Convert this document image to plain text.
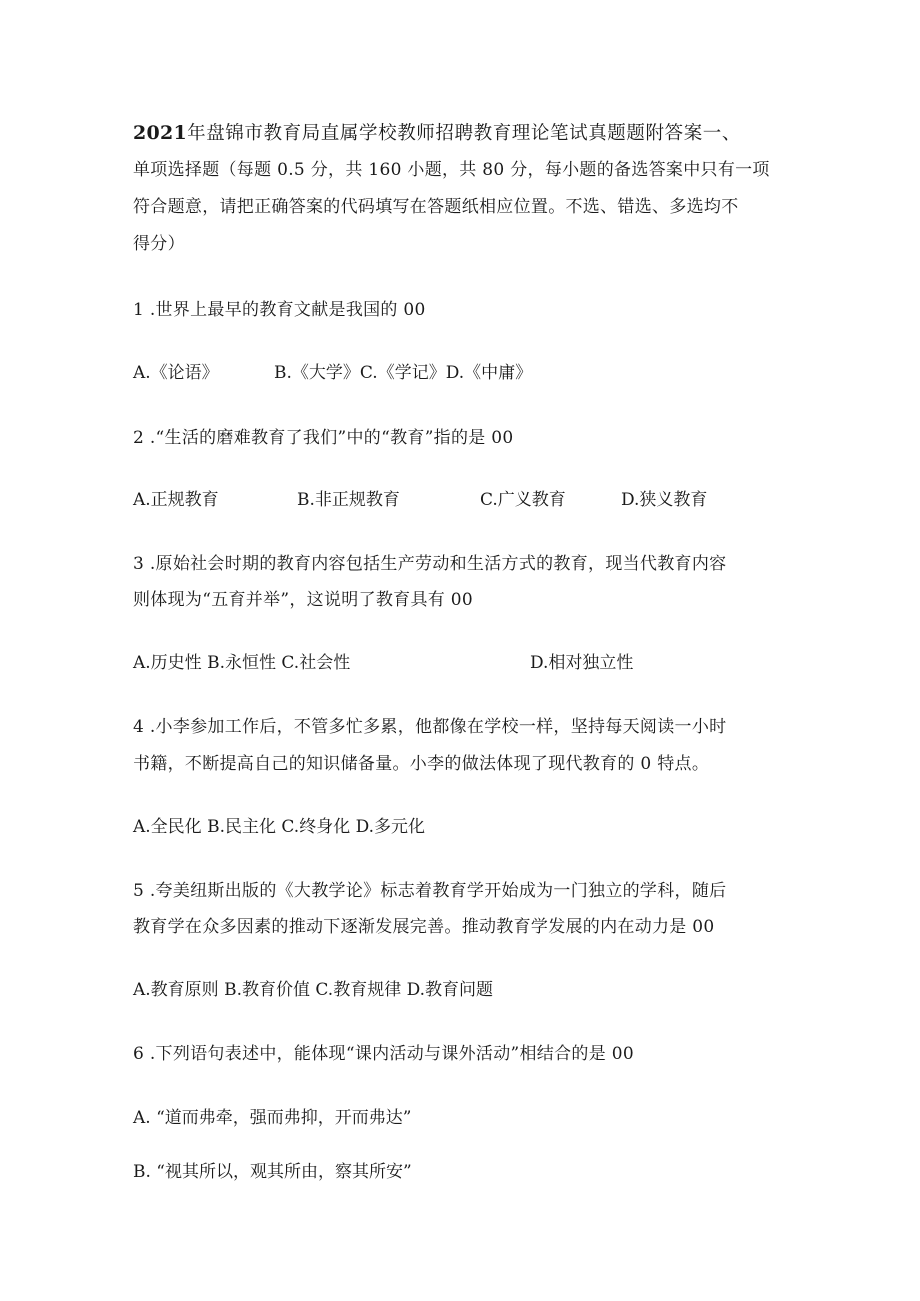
2021年盘锦市教育局直属学校教师招聘教育理论笔试真题题附答案一、
单项选择题（每题 0.5 分，共 160 小题，共 80 分，每小题的备选答案中只有一项
符合题意，请把正确答案的代码填写在答题纸相应位置。不选、错选、多选均不
得分）
1 .世界上最早的教育文献是我国的 00
A.《论语》	B.《大学》C.《学记》D.《中庸》
2 .“生活的磨难教育了我们”中的“教育”指的是 00
A.正规教育	B.非正规教育	C.广义教育	D.狭义教育
3 .原始社会时期的教育内容包括生产劳动和生活方式的教育，现当代教育内容
则体现为“五育并举”，这说明了教育具有 00
A.历史性 B.永恒性 C.社会性	D.相对独立性
4 .小李参加工作后，不管多忙多累，他都像在学校一样，坚持每天阅读一小时
书籍，不断提高自己的知识储备量。小李的做法体现了现代教育的 0 特点。
A.全民化 B.民主化 C.终身化 D.多元化
5 .夸美纽斯出版的《大教学论》标志着教育学开始成为一门独立的学科，随后
教育学在众多因素的推动下逐渐发展完善。推动教育学发展的内在动力是 00
A.教育原则 B.教育价值 C.教育规律 D.教育问题
6 .下列语句表述中，能体现“课内活动与课外活动”相结合的是 00
A. “道而弗牵，强而弗抑，开而弗达”
B. “视其所以，观其所由，察其所安”
